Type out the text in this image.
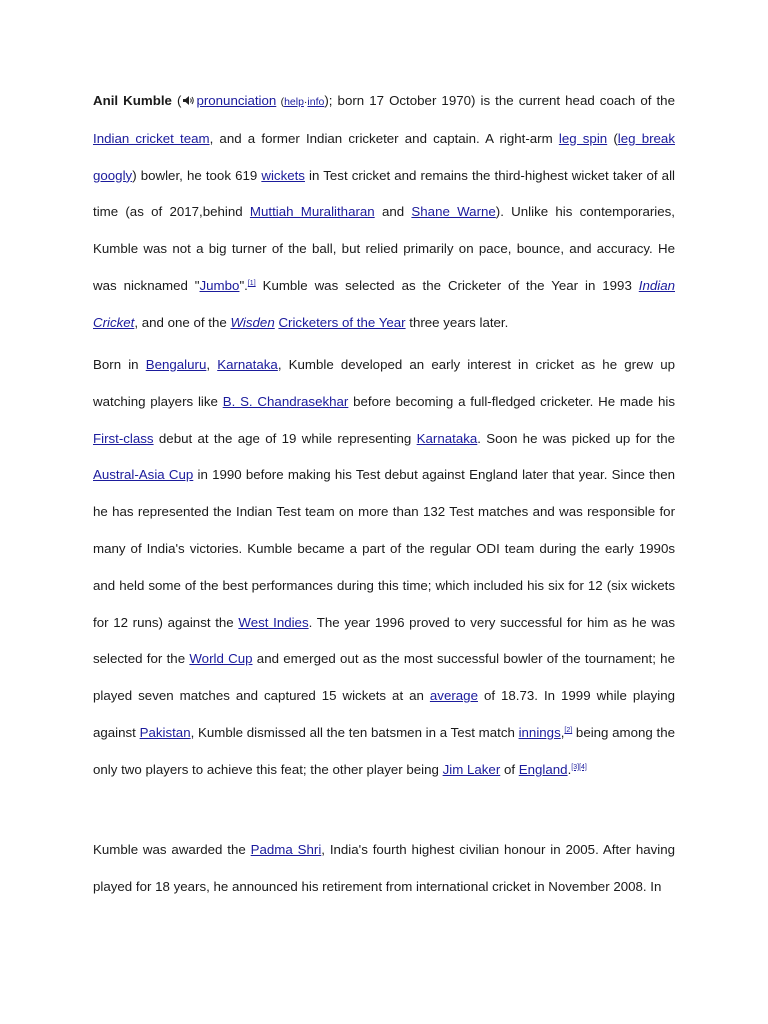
Anil Kumble ( pronunciation (help·info); born 17 October 1970) is the current head coach of the Indian cricket team, and a former Indian cricketer and captain. A right-arm leg spin (leg break googly) bowler, he took 619 wickets in Test cricket and remains the third-highest wicket taker of all time (as of 2017,behind Muttiah Muralitharan and Shane Warne). Unlike his contemporaries, Kumble was not a big turner of the ball, but relied primarily on pace, bounce, and accuracy. He was nicknamed "Jumbo".[1] Kumble was selected as the Cricketer of the Year in 1993 Indian Cricket, and one of the Wisden Cricketers of the Year three years later.

Born in Bengaluru, Karnataka, Kumble developed an early interest in cricket as he grew up watching players like B. S. Chandrasekhar before becoming a full-fledged cricketer. He made his First-class debut at the age of 19 while representing Karnataka. Soon he was picked up for the Austral-Asia Cup in 1990 before making his Test debut against England later that year. Since then he has represented the Indian Test team on more than 132 Test matches and was responsible for many of India's victories. Kumble became a part of the regular ODI team during the early 1990s and held some of the best performances during this time; which included his six for 12 (six wickets for 12 runs) against the West Indies. The year 1996 proved to very successful for him as he was selected for the World Cup and emerged out as the most successful bowler of the tournament; he played seven matches and captured 15 wickets at an average of 18.73. In 1999 while playing against Pakistan, Kumble dismissed all the ten batsmen in a Test match innings,[2] being among the only two players to achieve this feat; the other player being Jim Laker of England.[3][4]

Kumble was awarded the Padma Shri, India's fourth highest civilian honour in 2005. After having played for 18 years, he announced his retirement from international cricket in November 2008. In
